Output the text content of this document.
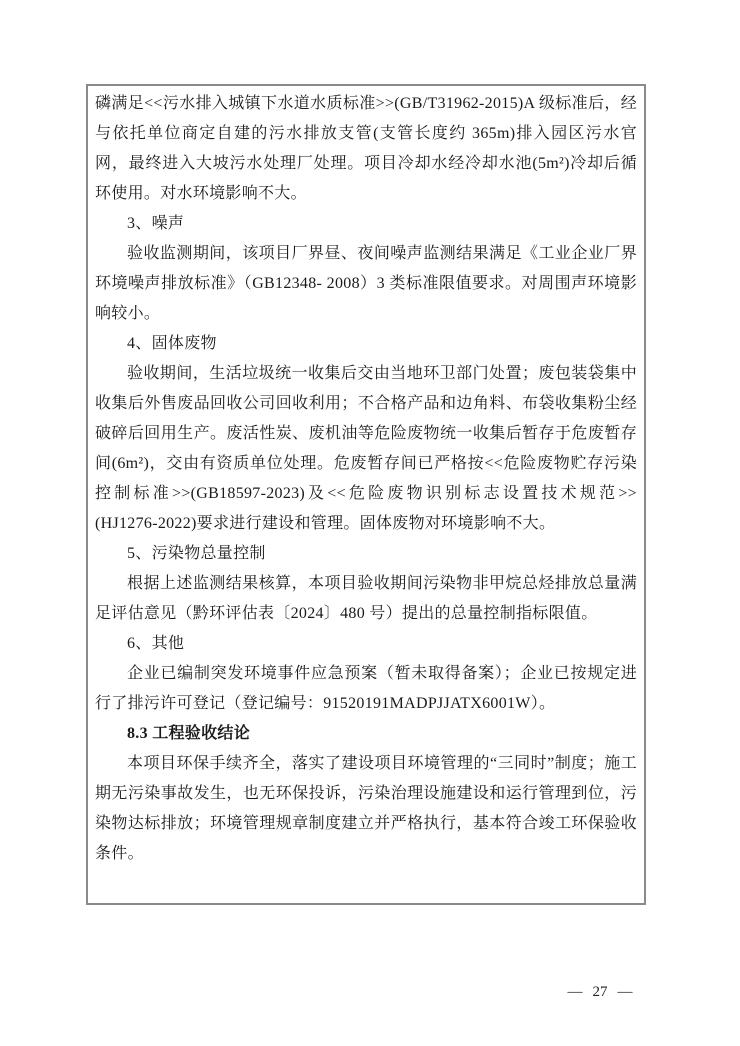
磷满足<<污水排入城镇下水道水质标准>>(GB/T31962-2015)A 级标准后，经与依托单位商定自建的污水排放支管(支管长度约 365m)排入园区污水官网，最终进入大坡污水处理厂处理。项目冷却水经冷却水池(5m²)冷却后循环使用。对水环境影响不大。

3、噪声

验收监测期间，该项目厂界昼、夜间噪声监测结果满足《工业企业厂界环境噪声排放标准》（GB12348- 2008）3 类标准限值要求。对周围声环境影响较小。

4、固体废物

验收期间，生活垃圾统一收集后交由当地环卫部门处置；废包装袋集中收集后外售废品回收公司回收利用；不合格产品和边角料、布袋收集粉尘经破碎后回用生产。废活性炭、废机油等危险废物统一收集后暂存于危废暂存间(6m²)，交由有资质单位处理。危废暂存间已严格按<<危险废物贮存污染控制标准>>(GB18597-2023)及<<危险废物识别标志设置技术规范>>(HJ1276-2022)要求进行建设和管理。固体废物对环境影响不大。

5、污染物总量控制

根据上述监测结果核算，本项目验收期间污染物非甲烷总烃排放总量满足评估意见（黔环评估表〔2024〕480 号）提出的总量控制指标限值。

6、其他

企业已编制突发环境事件应急预案（暂未取得备案）；企业已按规定进行了排污许可登记（登记编号：91520191MADPJJATX6001W）。

8.3 工程验收结论

本项目环保手续齐全，落实了建设项目环境管理的“三同时”制度；施工期无污染事故发生，也无环保投诉，污染治理设施建设和运行管理到位，污染物达标排放；环境管理规章制度建立并严格执行，基本符合竣工环保验收条件。

— 27 —
